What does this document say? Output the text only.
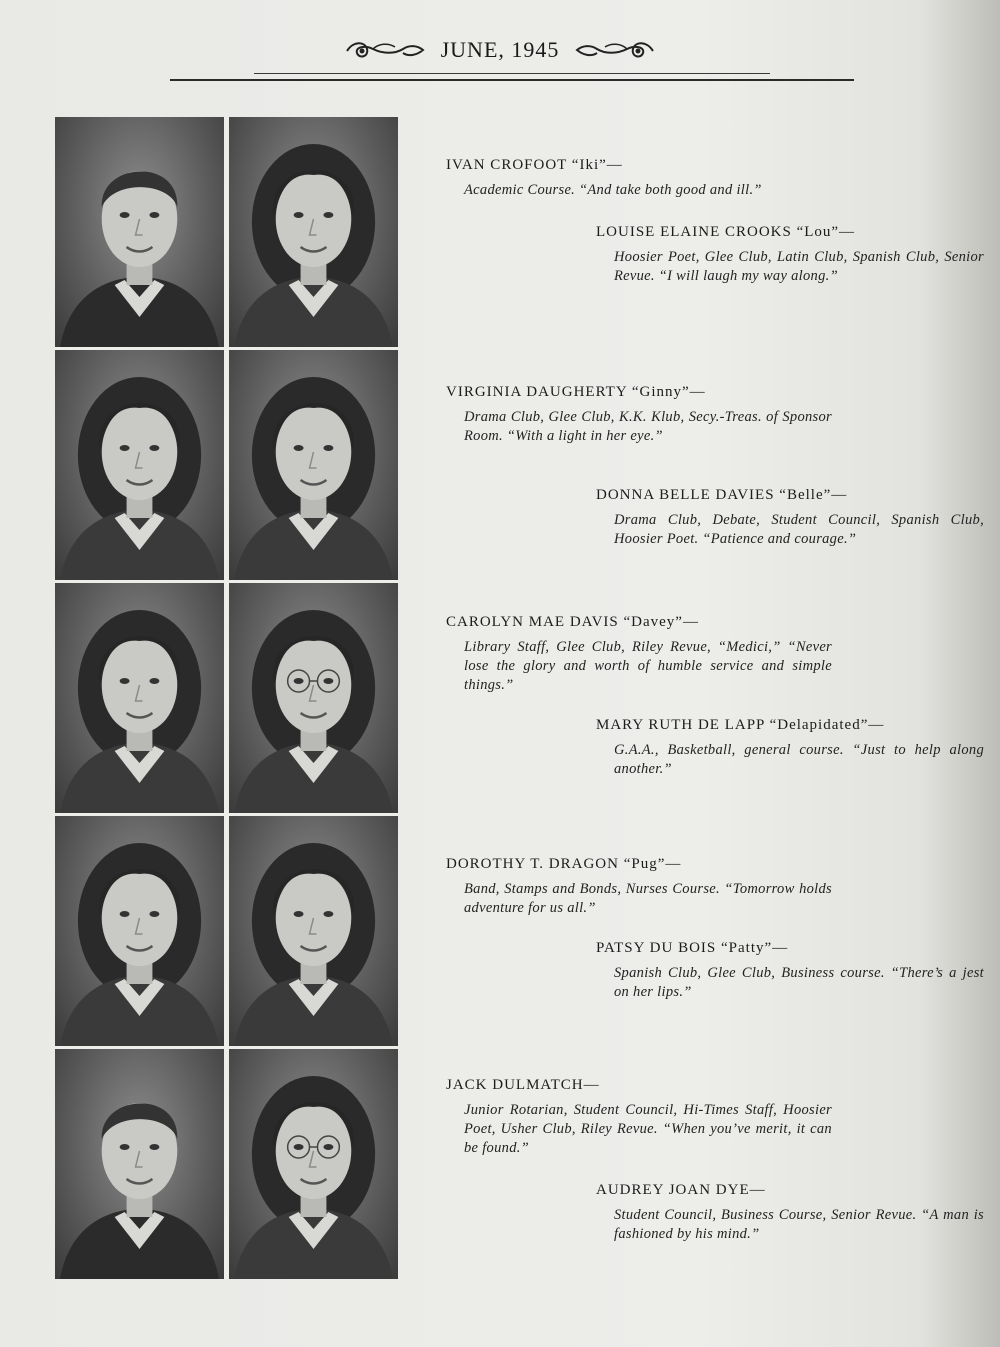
JUNE, 1945
IVAN CROFOOT “Iki”—
Academic Course. “And take both good and ill.”
LOUISE ELAINE CROOKS “Lou”—
Hoosier Poet, Glee Club, Latin Club, Spanish Club, Senior Revue. “I will laugh my way along.”
VIRGINIA DAUGHERTY “Ginny”—
Drama Club, Glee Club, K.K. Klub, Secy.-Treas. of Sponsor Room. “With a light in her eye.”
DONNA BELLE DAVIES “Belle”—
Drama Club, Debate, Student Council, Spanish Club, Hoosier Poet. “Patience and courage.”
CAROLYN MAE DAVIS “Davey”—
Library Staff, Glee Club, Riley Revue, “Medici,” “Never lose the glory and worth of humble service and simple things.”
MARY RUTH DE LAPP “Delapidated”—
G.A.A., Basketball, general course. “Just to help along another.”
DOROTHY T. DRAGON “Pug”—
Band, Stamps and Bonds, Nurses Course. “Tomorrow holds adventure for us all.”
PATSY DU BOIS “Patty”—
Spanish Club, Glee Club, Business course. “There’s a jest on her lips.”
JACK DULMATCH—
Junior Rotarian, Student Council, Hi-Times Staff, Hoosier Poet, Usher Club, Riley Revue. “When you’ve merit, it can be found.”
AUDREY JOAN DYE—
Student Council, Business Course, Senior Revue. “A man is fashioned by his mind.”
